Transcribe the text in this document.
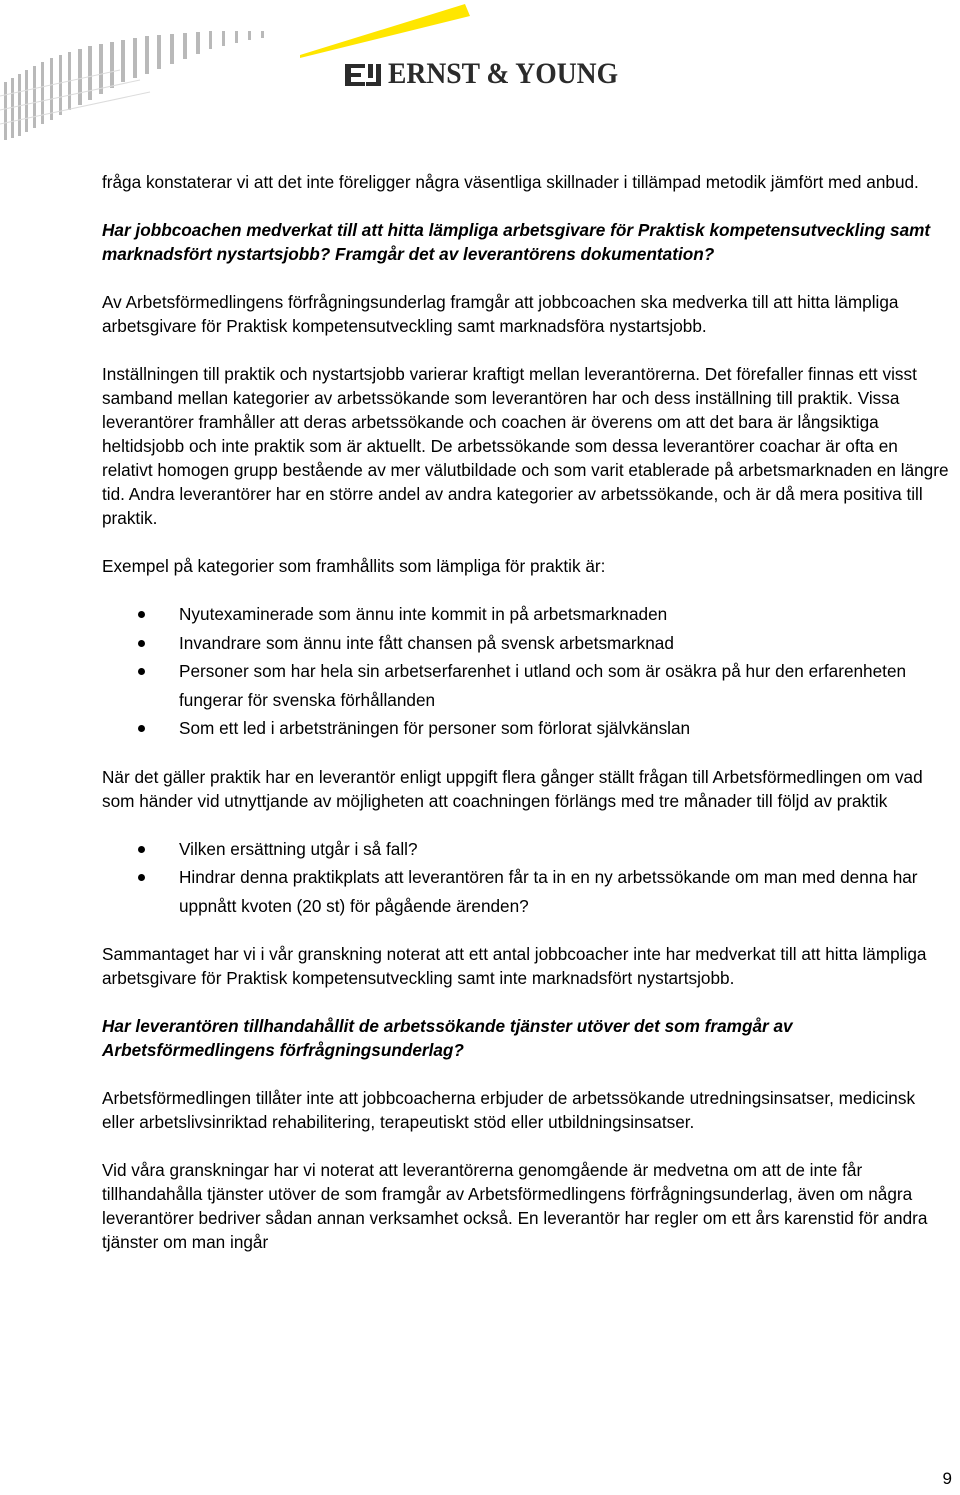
ERNST & YOUNG

fråga konstaterar vi att det inte föreligger några väsentliga skillnader i tillämpad metodik jämfört med anbud.

Har jobbcoachen medverkat till att hitta lämpliga arbetsgivare för Praktisk kompetensutveckling samt marknadsfört nystartsjobb? Framgår det av leverantörens dokumentation?

Av Arbetsförmedlingens förfrågningsunderlag framgår att jobbcoachen ska medverka till att hitta lämpliga arbetsgivare för Praktisk kompetensutveckling samt marknadsföra nystartsjobb.

Inställningen till praktik och nystartsjobb varierar kraftigt mellan leverantörerna. Det förefaller finnas ett visst samband mellan kategorier av arbetssökande som leverantören har och dess inställning till praktik. Vissa leverantörer framhåller att deras arbetssökande och coachen är överens om att det bara är långsiktiga heltidsjobb och inte praktik som är aktuellt. De arbetssökande som dessa leverantörer coachar är ofta en relativt homogen grupp bestående av mer välutbildade och som varit etablerade på arbetsmarknaden en längre tid. Andra leverantörer har en större andel av andra kategorier av arbetssökande, och är då mera positiva till praktik.

Exempel på kategorier som framhållits som lämpliga för praktik är:

Nyutexaminerade som ännu inte kommit in på arbetsmarknaden
Invandrare som ännu inte fått chansen på svensk arbetsmarknad
Personer som har hela sin arbetserfarenhet i utland och som är osäkra på hur den erfarenheten fungerar för svenska förhållanden
Som ett led i arbetsträningen för personer som förlorat självkänslan

När det gäller praktik har en leverantör enligt uppgift flera gånger ställt frågan till Arbetsförmedlingen om vad som händer vid utnyttjande av möjligheten att coachningen förlängs med tre månader till följd av praktik

Vilken ersättning utgår i så fall?
Hindrar denna praktikplats att leverantören får ta in en ny arbetssökande om man med denna har uppnått kvoten (20 st) för pågående ärenden?

Sammantaget har vi i vår granskning noterat att ett antal jobbcoacher inte har medverkat till att hitta lämpliga arbetsgivare för Praktisk kompetensutveckling samt inte marknadsfört nystartsjobb.

Har leverantören tillhandahållit de arbetssökande tjänster utöver det som framgår av Arbetsförmedlingens förfrågningsunderlag?

Arbetsförmedlingen tillåter inte att jobbcoacherna erbjuder de arbetssökande utredningsinsatser, medicinsk eller arbetslivsinriktad rehabilitering, terapeutiskt stöd eller utbildningsinsatser.

Vid våra granskningar har vi noterat att leverantörerna genomgående är medvetna om att de inte får tillhandahålla tjänster utöver de som framgår av Arbetsförmedlingens förfrågningsunderlag, även om några leverantörer bedriver sådan annan verksamhet också. En leverantör har regler om ett års karenstid för andra tjänster om man ingår

9
